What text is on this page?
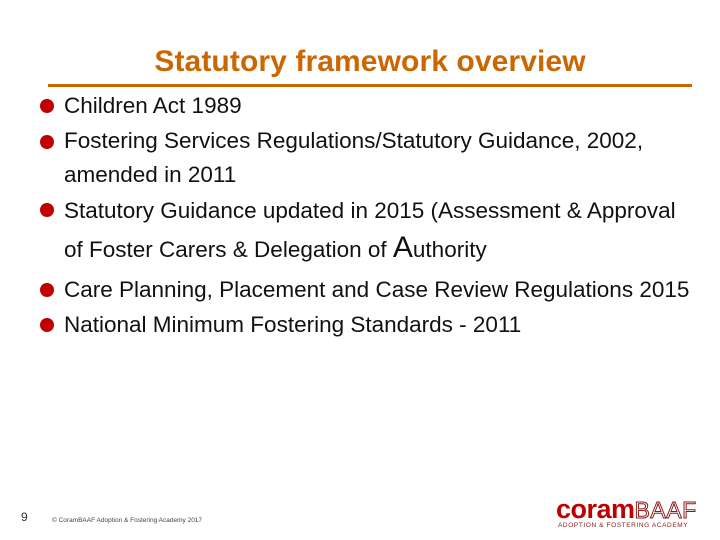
Statutory framework overview
Children Act 1989
Fostering Services Regulations/Statutory Guidance, 2002, amended in 2011
Statutory Guidance updated in 2015 (Assessment & Approval of Foster Carers & Delegation of Authority
Care Planning, Placement and Case Review Regulations 2015
National Minimum Fostering Standards - 2011
9	© CoramBAAF Adoption & Fostering Academy 2017	coramBAAF
ADOPTION & FOSTERING ACADEMY
